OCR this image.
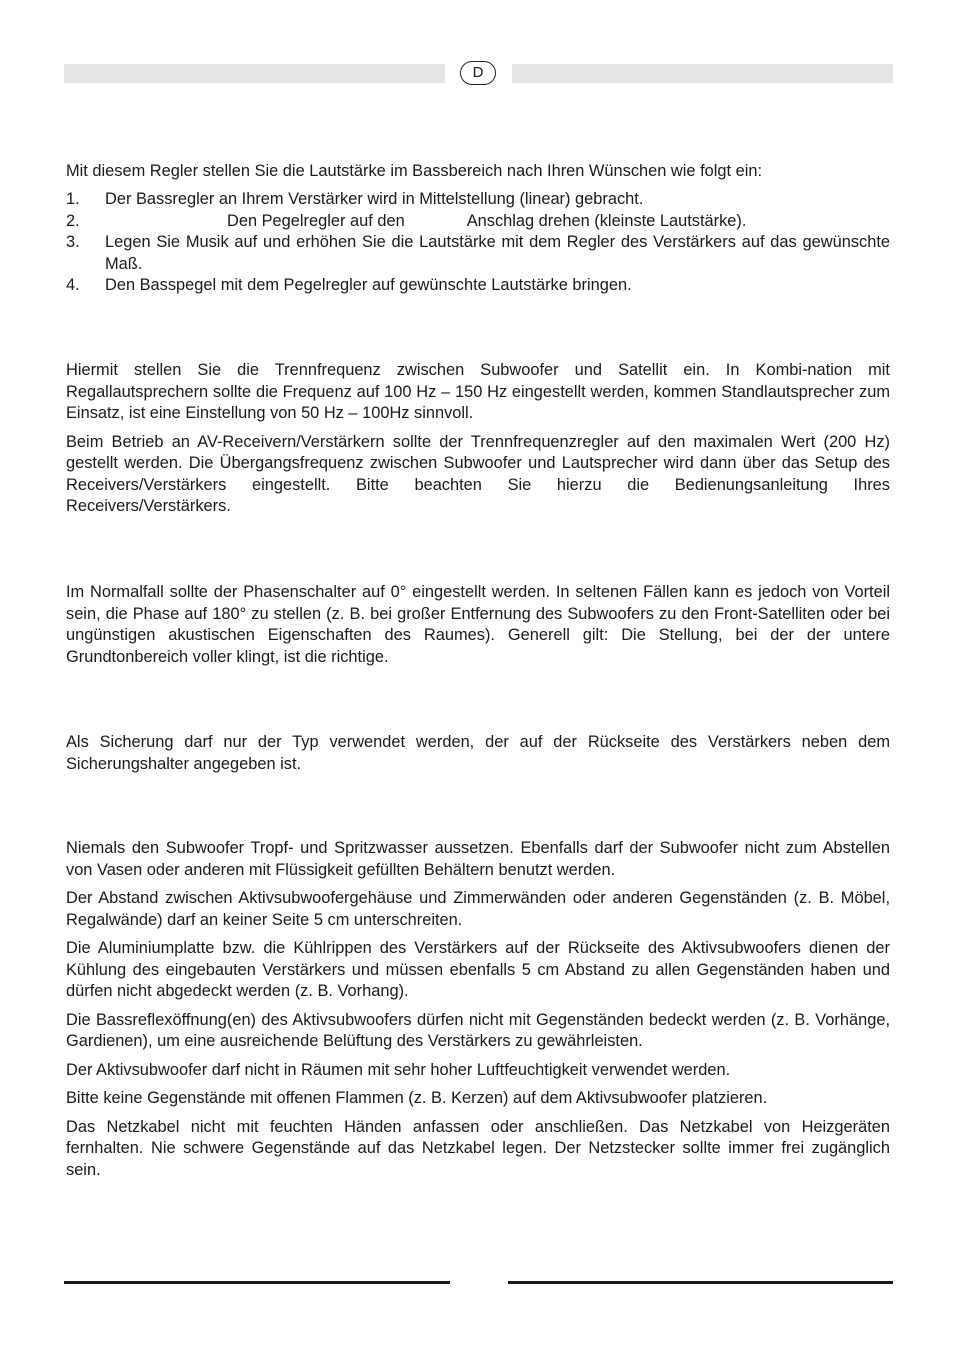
D

Mit diesem Regler stellen Sie die Lautstärke im Bassbereich nach Ihren Wünschen wie folgt ein:

1. Der Bassregler an Ihrem Verstärker wird in Mittelstellung (linear) gebracht.
2.	Den Pegelregler auf den	Anschlag drehen (kleinste Lautstärke).
3. Legen Sie Musik auf und erhöhen Sie die Lautstärke mit dem Regler des Verstärkers auf das gewünschte Maß.
4. Den Basspegel mit dem Pegelregler auf gewünschte Lautstärke bringen.

Hiermit stellen Sie die Trennfrequenz zwischen Subwoofer und Satellit ein. In Kombi-nation mit Regallautsprechern sollte die Frequenz auf 100 Hz – 150 Hz eingestellt werden, kommen Standlautsprecher zum Einsatz, ist eine Einstellung von 50 Hz – 100Hz sinnvoll.

Beim Betrieb an AV-Receivern/Verstärkern sollte der Trennfrequenzregler auf den maximalen Wert (200 Hz) gestellt werden. Die Übergangsfrequenz zwischen Subwoofer und Lautsprecher wird dann über das Setup des Receivers/Verstärkers eingestellt. Bitte beachten Sie hierzu die Bedienungsanleitung Ihres Receivers/Verstärkers.

Im Normalfall sollte der Phasenschalter auf 0° eingestellt werden. In seltenen Fällen kann es jedoch von Vorteil sein, die Phase auf 180° zu stellen (z. B. bei großer Entfernung des Subwoofers zu den Front-Satelliten oder bei ungünstigen akustischen Eigenschaften des Raumes). Generell gilt: Die Stellung, bei der der untere Grundtonbereich voller klingt, ist die richtige.

Als Sicherung darf nur der Typ verwendet werden, der auf der Rückseite des Verstärkers neben dem Sicherungshalter angegeben ist.

Niemals den Subwoofer Tropf- und Spritzwasser aussetzen. Ebenfalls darf der Subwoofer nicht zum Abstellen von Vasen oder anderen mit Flüssigkeit gefüllten Behältern benutzt werden.

Der Abstand zwischen Aktivsubwoofergehäuse und Zimmerwänden oder anderen Gegenständen (z. B. Möbel, Regalwände) darf an keiner Seite 5 cm unterschreiten.

Die Aluminiumplatte bzw. die Kühlrippen des Verstärkers auf der Rückseite des Aktivsubwoofers dienen der Kühlung des eingebauten Verstärkers und müssen ebenfalls 5 cm Abstand zu allen Gegenständen haben und dürfen nicht abgedeckt werden (z. B. Vorhang).

Die Bassreflexöffnung(en) des Aktivsubwoofers dürfen nicht mit Gegenständen bedeckt werden (z. B. Vorhänge, Gardienen), um eine ausreichende Belüftung des Verstärkers zu gewährleisten.

Der Aktivsubwoofer darf nicht in Räumen mit sehr hoher Luftfeuchtigkeit verwendet werden.

Bitte keine Gegenstände mit offenen Flammen (z. B. Kerzen) auf dem Aktivsubwoofer platzieren.

Das Netzkabel nicht mit feuchten Händen anfassen oder anschließen. Das Netzkabel von Heizgeräten fernhalten. Nie schwere Gegenstände auf das Netzkabel legen. Der Netzstecker sollte immer frei zugänglich sein.
